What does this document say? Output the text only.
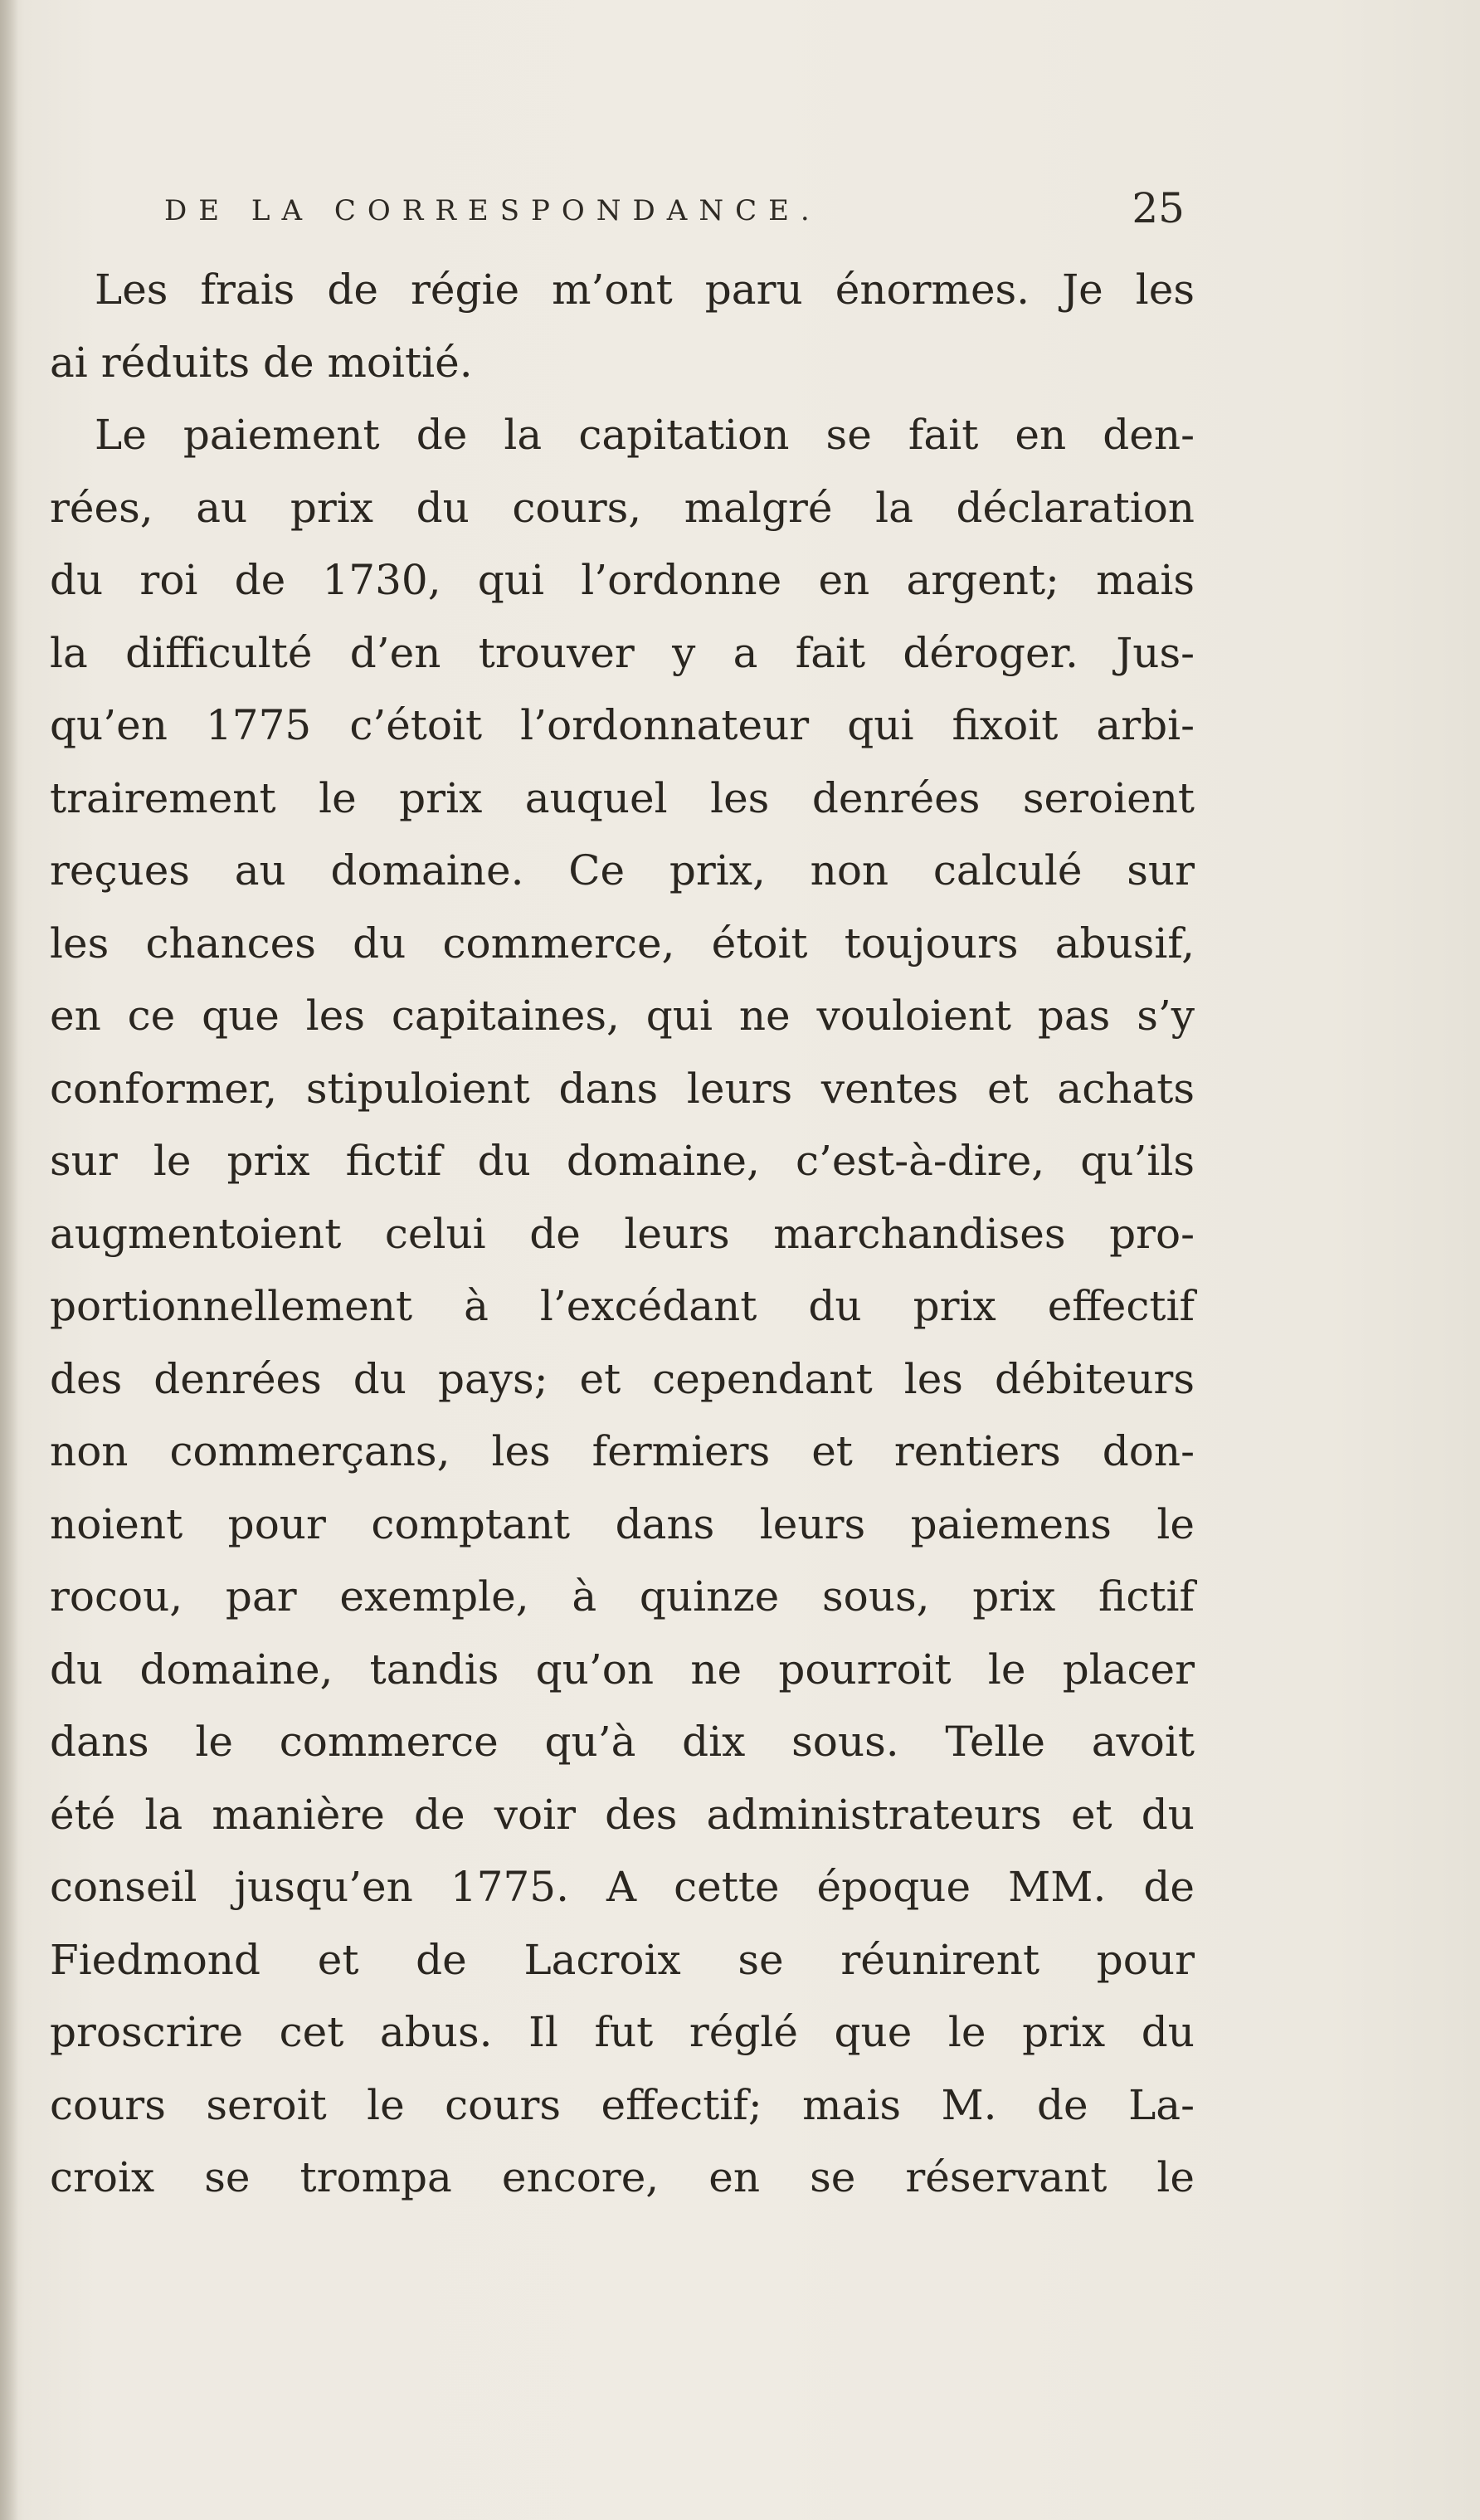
DE LA CORRESPONDANCE.	25
Les frais de régie m’ont paru énormes. Je les
ai réduits de moitié.
Le paiement de la capitation se fait en den-
rées, au prix du cours, malgré la déclaration
du roi de 1730, qui l’ordonne en argent; mais
la difficulté d’en trouver y a fait déroger. Jus-
qu’en 1775 c’étoit l’ordonnateur qui fixoit arbi-
trairement le prix auquel les denrées seroient
reçues au domaine. Ce prix, non calculé sur
les chances du commerce, étoit toujours abusif,
en ce que les capitaines, qui ne vouloient pas s’y
conformer, stipuloient dans leurs ventes et achats
sur le prix fictif du domaine, c’est-à-dire, qu’ils
augmentoient celui de leurs marchandises pro-
portionnellement à l’excédant du prix effectif
des denrées du pays; et cependant les débiteurs
non commerçans, les fermiers et rentiers don-
noient pour comptant dans leurs paiemens le
rocou, par exemple, à quinze sous, prix fictif
du domaine, tandis qu’on ne pourroit le placer
dans le commerce qu’à dix sous. Telle avoit
été la manière de voir des administrateurs et du
conseil jusqu’en 1775. A cette époque MM. de
Fiedmond et de Lacroix se réunirent pour
proscrire cet abus. Il fut réglé que le prix du
cours seroit le cours effectif; mais M. de La-
croix se trompa encore, en se réservant le
